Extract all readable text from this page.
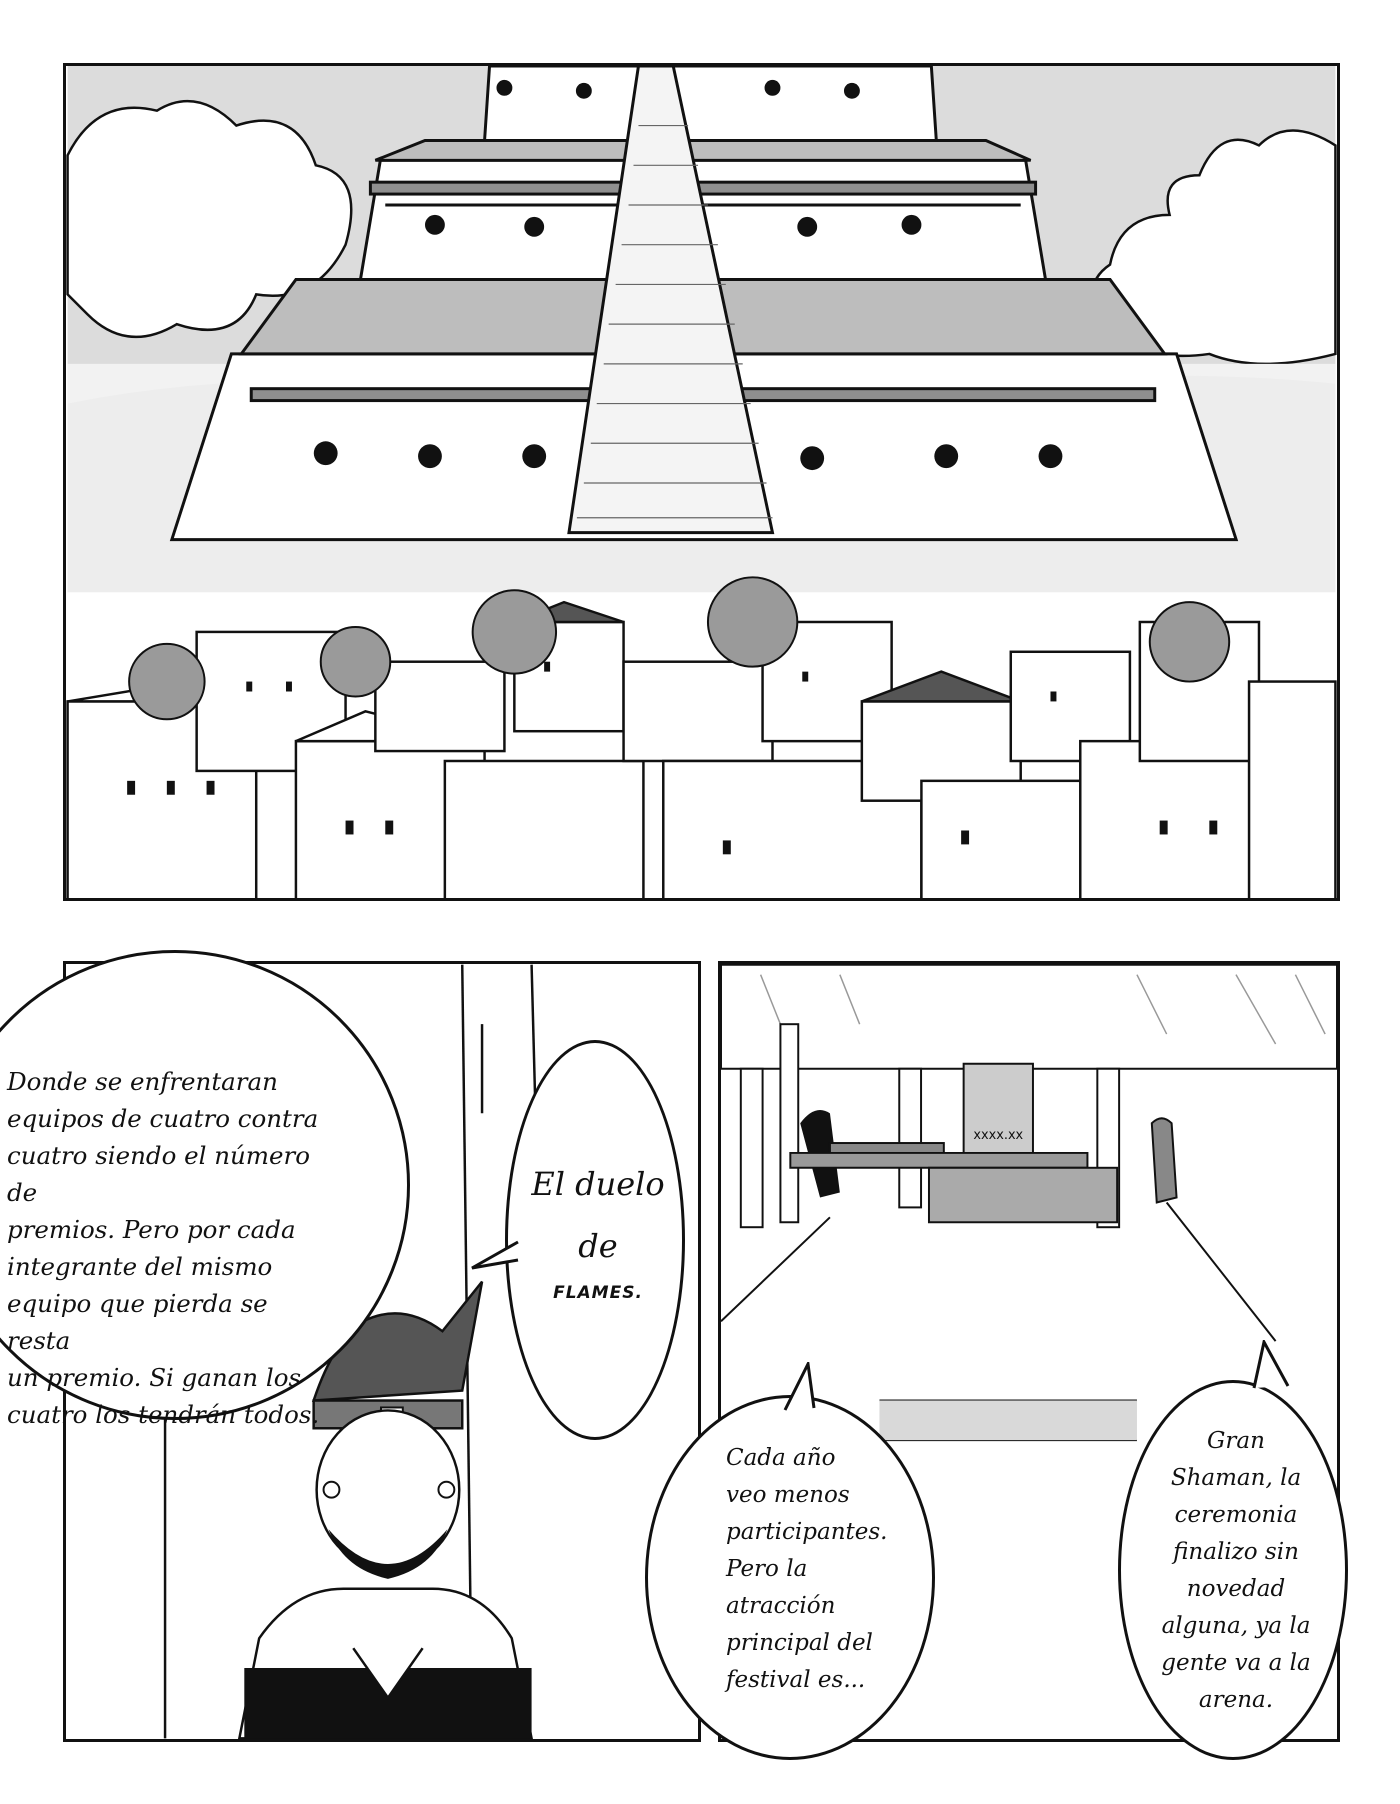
xxxx.xx
Donde se enfrentaran
equipos de cuatro contra
cuatro siendo el número de
premios. Pero por cada
integrante del mismo
equipo que pierda se resta
un premio. Si ganan los
cuatro los tendrán todos.
El duelo
de
FLAMES.
Cada año
veo menos
participantes.
Pero la
atracción
principal del
festival es...
Gran
Shaman, la
ceremonia
finalizo sin
novedad
alguna, ya la
gente va a la
arena.
